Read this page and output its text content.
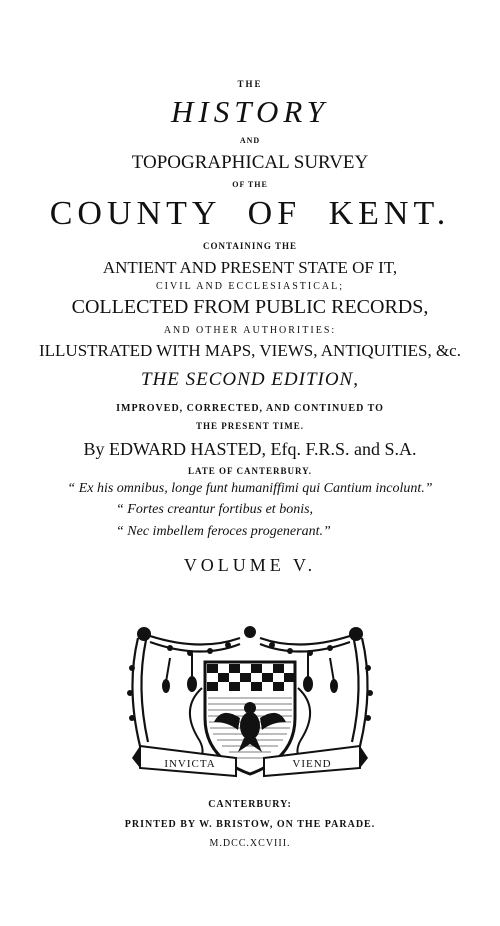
THE
HISTORY
AND
TOPOGRAPHICAL SURVEY
OF THE
COUNTY OF KENT.
CONTAINING THE
ANTIENT AND PRESENT STATE OF IT,
CIVIL AND ECCLESIASTICAL;
COLLECTED FROM PUBLIC RECORDS,
AND OTHER AUTHORITIES:
ILLUSTRATED WITH MAPS, VIEWS, ANTIQUITIES, &c.
THE SECOND EDITION,
IMPROVED, CORRECTED, AND CONTINUED TO
THE PRESENT TIME.
By EDWARD HASTED, Efq. F.R.S. and S.A.
LATE OF CANTERBURY.
“ Ex his omnibus, longe funt humaniffimi qui Cantium incolunt.”
“ Fortes creantur fortibus et bonis,
“ Nec imbellem feroces progenerant.”
VOLUME V.
INVICTA	VIEND
CANTERBURY:
PRINTED BY W. BRISTOW, ON THE PARADE.
M.DCC.XCVIII.
